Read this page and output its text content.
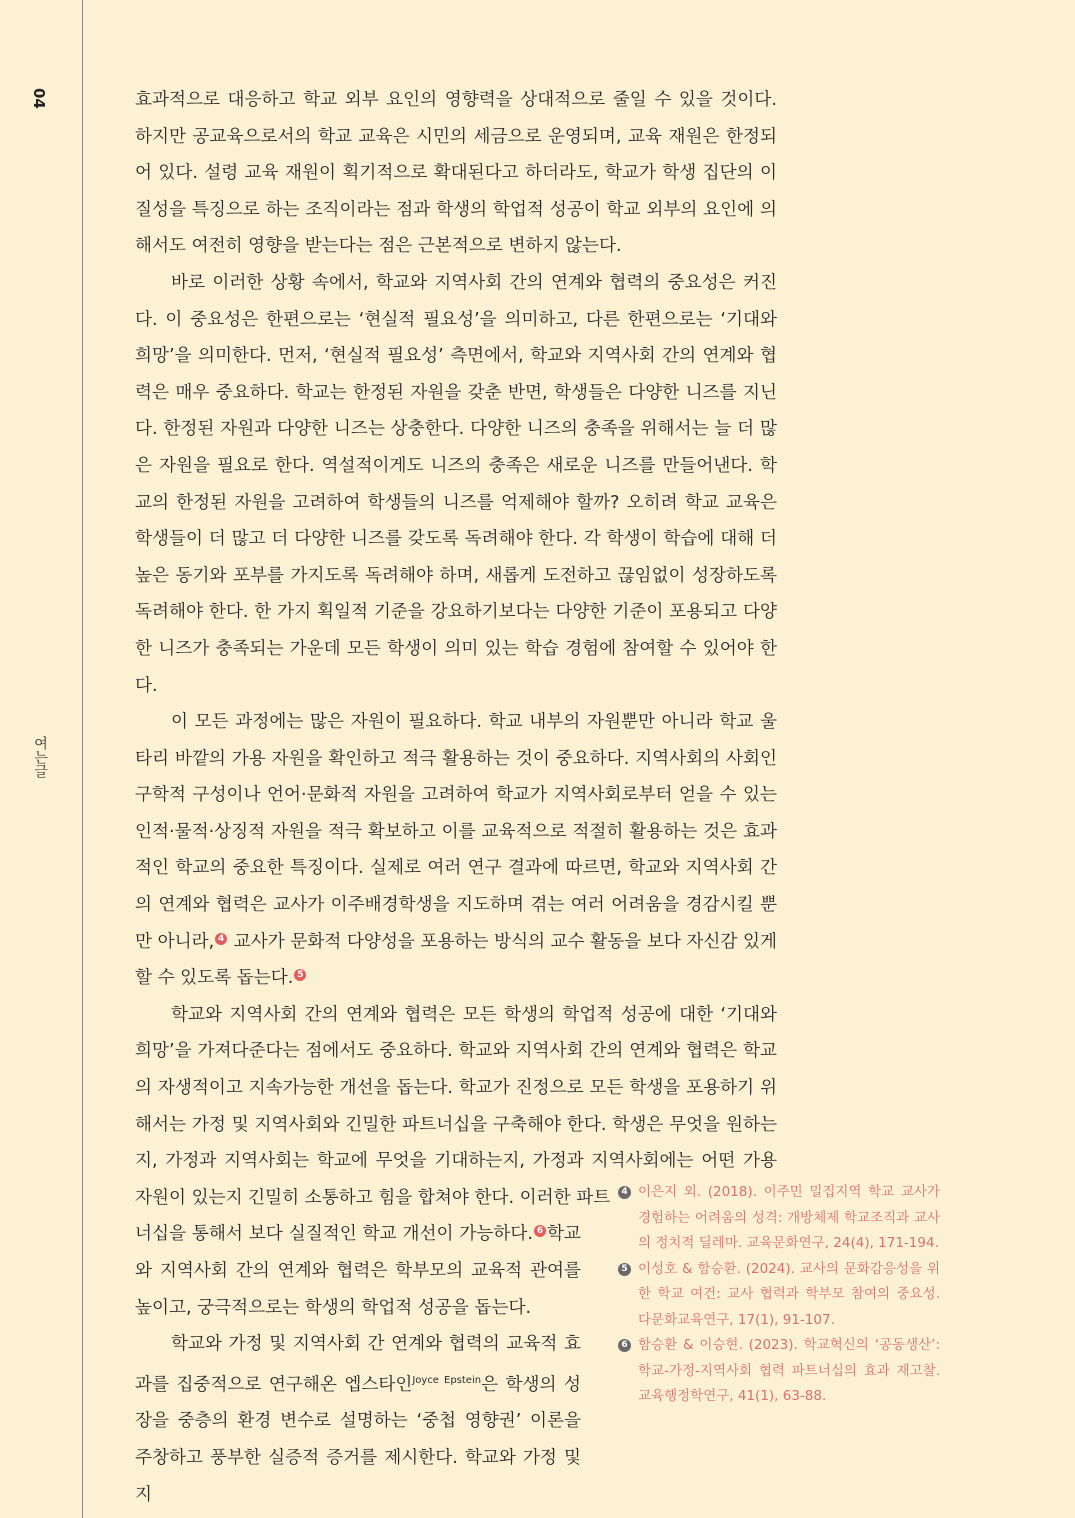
04
여는글

효과적으로 대응하고 학교 외부 요인의 영향력을 상대적으로 줄일 수 있을 것이다. 하지만 공교육으로서의 학교 교육은 시민의 세금으로 운영되며, 교육 재원은 한정되어 있다. 설령 교육 재원이 획기적으로 확대된다고 하더라도, 학교가 학생 집단의 이질성을 특징으로 하는 조직이라는 점과 학생의 학업적 성공이 학교 외부의 요인에 의해서도 여전히 영향을 받는다는 점은 근본적으로 변하지 않는다.

바로 이러한 상황 속에서, 학교와 지역사회 간의 연계와 협력의 중요성은 커진다. 이 중요성은 한편으로는 ‘현실적 필요성’을 의미하고, 다른 한편으로는 ‘기대와 희망’을 의미한다. 먼저, ‘현실적 필요성’ 측면에서, 학교와 지역사회 간의 연계와 협력은 매우 중요하다. 학교는 한정된 자원을 갖춘 반면, 학생들은 다양한 니즈를 지닌다. 한정된 자원과 다양한 니즈는 상충한다. 다양한 니즈의 충족을 위해서는 늘 더 많은 자원을 필요로 한다. 역설적이게도 니즈의 충족은 새로운 니즈를 만들어낸다. 학교의 한정된 자원을 고려하여 학생들의 니즈를 억제해야 할까? 오히려 학교 교육은 학생들이 더 많고 더 다양한 니즈를 갖도록 독려해야 한다. 각 학생이 학습에 대해 더 높은 동기와 포부를 가지도록 독려해야 하며, 새롭게 도전하고 끊임없이 성장하도록 독려해야 한다. 한 가지 획일적 기준을 강요하기보다는 다양한 기준이 포용되고 다양한 니즈가 충족되는 가운데 모든 학생이 의미 있는 학습 경험에 참여할 수 있어야 한다.

이 모든 과정에는 많은 자원이 필요하다. 학교 내부의 자원뿐만 아니라 학교 울타리 바깥의 가용 자원을 확인하고 적극 활용하는 것이 중요하다. 지역사회의 사회인구학적 구성이나 언어·문화적 자원을 고려하여 학교가 지역사회로부터 얻을 수 있는 인적·물적·상징적 자원을 적극 확보하고 이를 교육적으로 적절히 활용하는 것은 효과적인 학교의 중요한 특징이다. 실제로 여러 연구 결과에 따르면, 학교와 지역사회 간의 연계와 협력은 교사가 이주배경학생을 지도하며 겪는 여러 어려움을 경감시킬 뿐만 아니라, 4 교사가 문화적 다양성을 포용하는 방식의 교수 활동을 보다 자신감 있게 할 수 있도록 돕는다. 5

학교와 지역사회 간의 연계와 협력은 모든 학생의 학업적 성공에 대한 ‘기대와 희망’을 가져다준다는 점에서도 중요하다. 학교와 지역사회 간의 연계와 협력은 학교의 자생적이고 지속가능한 개선을 돕는다. 학교가 진정으로 모든 학생을 포용하기 위해서는 가정 및 지역사회와 긴밀한 파트너십을 구축해야 한다. 학생은 무엇을 원하는지, 가정과 지역사회는 학교에 무엇을 기대하는지, 가정과 지역사회에는 어떤 가용 자원이 있는지 긴밀히 소통하고 힘을 합쳐야 한다. 이러한 파트

너십을 통해서 보다 실질적인 학교 개선이 가능하다. 6 학교와 지역사회 간의 연계와 협력은 학부모의 교육적 관여를 높이고, 궁극적으로는 학생의 학업적 성공을 돕는다.

학교와 가정 및 지역사회 간 연계와 협력의 교육적 효과를 집중적으로 연구해온 엡스타인$^{Joyce Epstein}$은 학생의 성장을 중층의 환경 변수로 설명하는 ‘중첩 영향권’ 이론을 주창하고 풍부한 실증적 증거를 제시한다. 학교와 가정 및 지

4 이은지 외. (2018). 이주민 밀집지역 학교 교사가 경험하는 어려움의 성격: 개방체제 학교조직과 교사의 정치적 딜레마. 교육문화연구, 24(4), 171-194.
5 이성호 & 함승환. (2024). 교사의 문화감응성을 위한 학교 여건: 교사 협력과 학부모 참여의 중요성. 다문화교육연구, 17(1), 91-107.
6 함승환 & 이승현. (2023). 학교혁신의 ‘공동생산’: 학교-가정-지역사회 협력 파트너십의 효과 재고찰. 교육행정학연구, 41(1), 63-88.
